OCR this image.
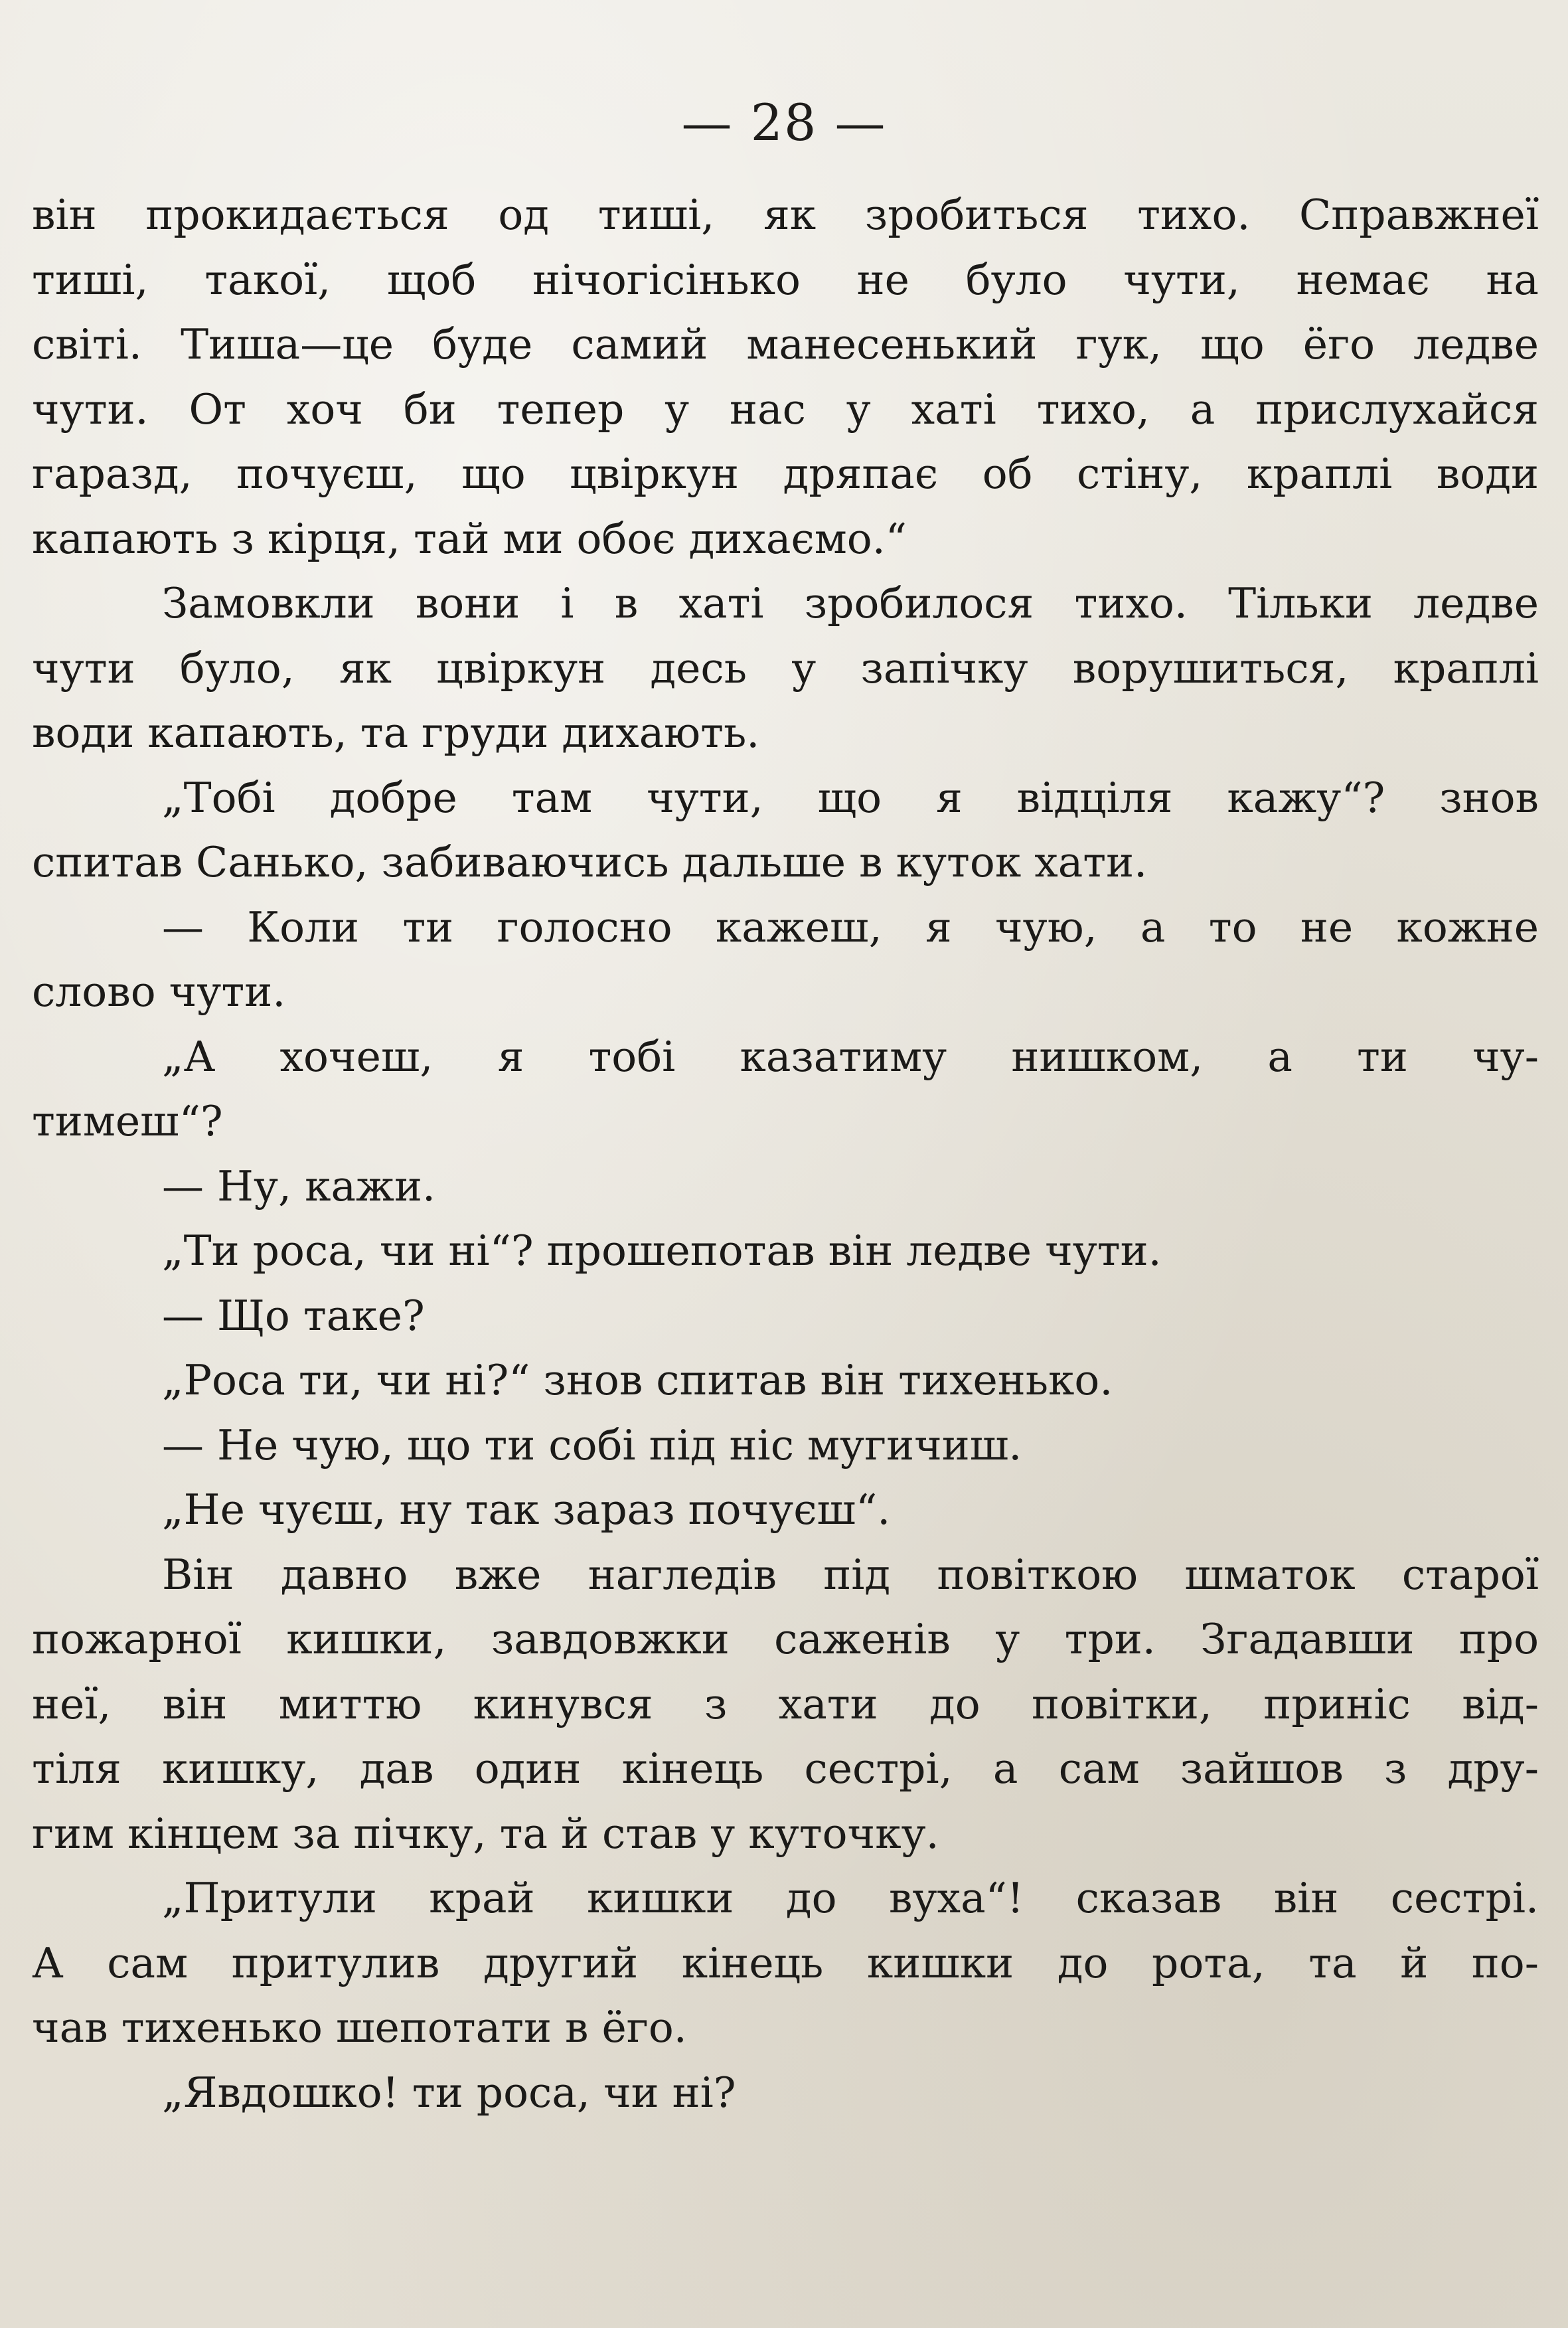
— 28 —
він прокидається од тиші, як зробиться тихо. Справжнеї
тиші, такої, щоб нічогісінько не було чути, немає на
світі. Тиша—це буде самий манесенький гук, що ёго ледве
чути. От хоч би тепер у нас у хаті тихо, а прислухайся
гаразд, почуєш, що цвіркун дряпає об стіну, краплі води
капають з кірця, тай ми обоє дихаємо.“
Замовкли вони і в хаті зробилося тихо. Тільки ледве
чути було, як цвіркун десь у запічку ворушиться, краплі
води капають, та груди дихають.
„Тобі добре там чути, що я відціля кажу“? знов
спитав Санько, забиваючись дальше в куток хати.
— Коли ти голосно кажеш, я чую, а то не кожне
слово чути.
„А хочеш, я тобі казатиму нишком, а ти чу-
тимеш“?
— Ну, кажи.
„Ти роса, чи ні“? прошепотав він ледве чути.
— Що таке?
„Роса ти, чи ні?“ знов спитав він тихенько.
— Не чую, що ти собі під ніс мугичиш.
„Не чуєш, ну так зараз почуєш“.
Він давно вже нагледів під повіткою шматок старої
пожарної кишки, завдовжки саженів у три. Згадавши про
неї, він миттю кинувся з хати до повітки, приніс від-
тіля кишку, дав один кінець сестрі, а сам зайшов з дру-
гим кінцем за пічку, та й став у куточку.
„Притули край кишки до вуха“! сказав він сестрі.
А сам притулив другий кінець кишки до рота, та й по-
чав тихенько шепотати в ёго.
„Явдошко! ти роса, чи ні?
